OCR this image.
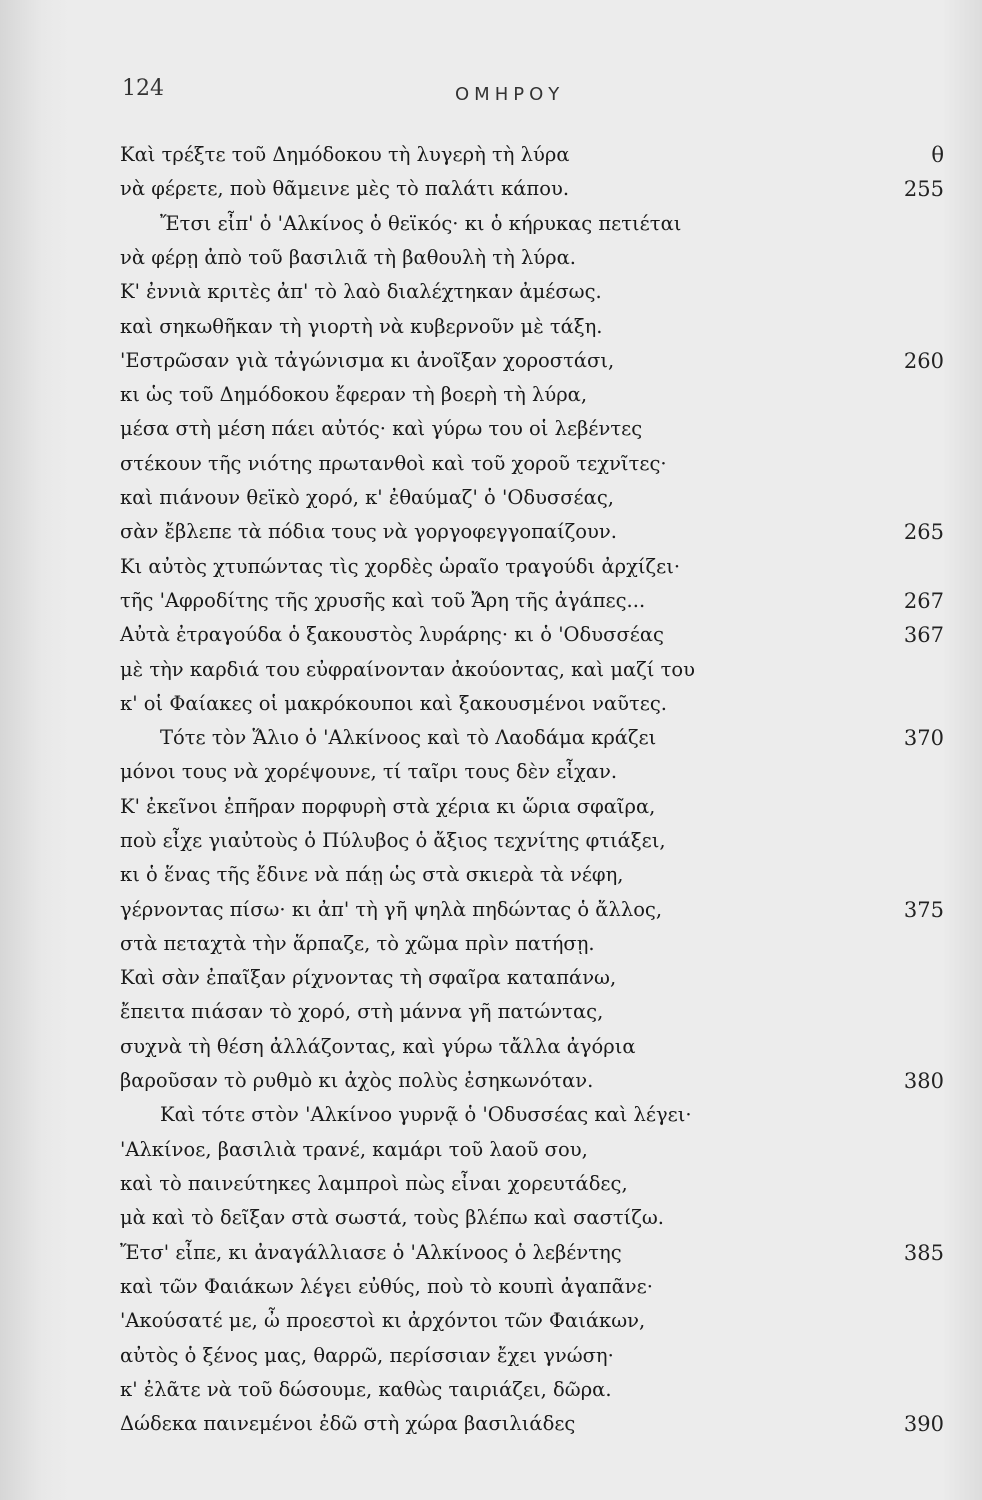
124	ΟΜΗΡΟΥ
Καὶ τρέξτε τοῦ Δημόδοκου τὴ λυγερὴ τὴ λύρα	θ
νὰ φέρετε, ποὺ θᾶμεινε μὲς τὸ παλάτι κάπου.	255
Ἔτσι εἶπ' ὁ 'Αλκίνος ὁ θεϊκός· κι ὁ κήρυκας πετιέται
νὰ φέρῃ ἀπὸ τοῦ βασιλιᾶ τὴ βαθουλὴ τὴ λύρα.
Κ' ἐννιὰ κριτὲς ἀπ' τὸ λαὸ διαλέχτηκαν ἀμέσως.
καὶ σηκωθῆκαν τὴ γιορτὴ νὰ κυβερνοῦν μὲ τάξη.
'Εστρῶσαν γιὰ τἀγώνισμα κι ἀνοῖξαν χοροστάσι,	260
κι ὡς τοῦ Δημόδοκου ἔφεραν τὴ βοερὴ τὴ λύρα,
μέσα στὴ μέση πάει αὐτός· καὶ γύρω του οἱ λεβέντες
στέκουν τῆς νιότης πρωτανθοὶ καὶ τοῦ χοροῦ τεχνῖτες·
καὶ πιάνουν θεϊκὸ χορό, κ' ἐθαύμαζ' ὁ 'Οδυσσέας,
σὰν ἔβλεπε τὰ πόδια τους νὰ γοργοφεγγοπαίζουν.	265
Κι αὐτὸς χτυπώντας τὶς χορδὲς ὡραῖο τραγούδι ἀρχίζει·
τῆς 'Αφροδίτης τῆς χρυσῆς καὶ τοῦ Ἄρη τῆς ἀγάπες...	267
Αὐτὰ ἐτραγούδα ὁ ξακουστὸς λυράρης· κι ὁ 'Οδυσσέας	367
μὲ τὴν καρδιά του εὐφραίνονταν ἀκούοντας, καὶ μαζί του
κ' οἱ Φαίακες οἱ μακρόκουποι καὶ ξακουσμένοι ναῦτες.
Τότε τὸν Ἅλιο ὁ 'Αλκίνοος καὶ τὸ Λαοδάμα κράζει	370
μόνοι τους νὰ χορέψουνε, τί ταῖρι τους δὲν εἶχαν.
Κ' ἐκεῖνοι ἐπῆραν πορφυρὴ στὰ χέρια κι ὥρια σφαῖρα,
ποὺ εἶχε γιαὐτοὺς ὁ Πύλυβος ὁ ἄξιος τεχνίτης φτιάξει,
κι ὁ ἕνας τῆς ἔδινε νὰ πάῃ ὡς στὰ σκιερὰ τὰ νέφη,
γέρνοντας πίσω· κι ἀπ' τὴ γῆ ψηλὰ πηδώντας ὁ ἄλλος,	375
στὰ πεταχτὰ τὴν ἅρπαζε, τὸ χῶμα πρὶν πατήσῃ.
Καὶ σὰν ἐπαῖξαν ρίχνοντας τὴ σφαῖρα καταπάνω,
ἔπειτα πιάσαν τὸ χορό, στὴ μάννα γῆ πατώντας,
συχνὰ τὴ θέση ἀλλάζοντας, καὶ γύρω τἄλλα ἀγόρια
βαροῦσαν τὸ ρυθμὸ κι ἀχὸς πολὺς ἐσηκωνόταν.	380
Καὶ τότε στὸν 'Αλκίνοο γυρνᾷ ὁ 'Οδυσσέας καὶ λέγει·
'Αλκίνοε, βασιλιὰ τρανέ, καμάρι τοῦ λαοῦ σου,
καὶ τὸ παινεύτηκες λαμπροὶ πὼς εἶναι χορευτάδες,
μὰ καὶ τὸ δεῖξαν στὰ σωστά, τοὺς βλέπω καὶ σαστίζω.
Ἔτσ' εἶπε, κι ἀναγάλλιασε ὁ 'Αλκίνοος ὁ λεβέντης	385
καὶ τῶν Φαιάκων λέγει εὐθύς, ποὺ τὸ κουπὶ ἀγαπᾶνε·
'Ακούσατέ με, ὦ προεστοὶ κι ἀρχόντοι τῶν Φαιάκων,
αὐτὸς ὁ ξένος μας, θαρρῶ, περίσσιαν ἔχει γνώση·
κ' ἐλᾶτε νὰ τοῦ δώσουμε, καθὼς ταιριάζει, δῶρα.
Δώδεκα παινεμένοι ἐδῶ στὴ χώρα βασιλιάδες	390
